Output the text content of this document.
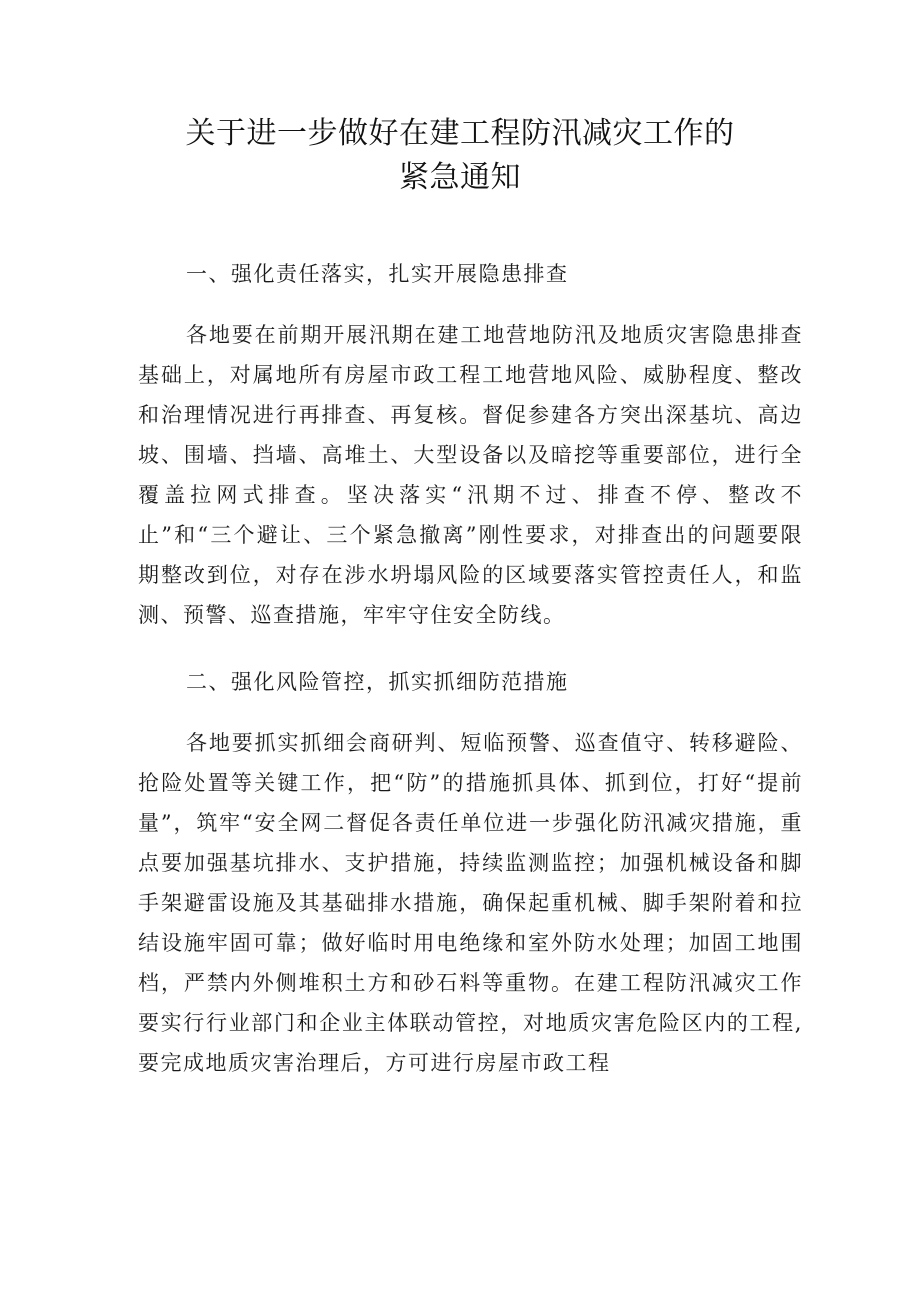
关于进一步做好在建工程防汛减灾工作的
紧急通知

一、强化责任落实，扎实开展隐患排查

各地要在前期开展汛期在建工地营地防汛及地质灾害隐患排查基础上，对属地所有房屋市政工程工地营地风险、威胁程度、整改和治理情况进行再排查、再复核。督促参建各方突出深基坑、高边坡、围墙、挡墙、高堆土、大型设备以及暗挖等重要部位，进行全覆盖拉网式排查。坚决落实“汛期不过、排查不停、整改不止”和“三个避让、三个紧急撤离”刚性要求，对排查出的问题要限期整改到位，对存在涉水坍塌风险的区域要落实管控责任人，和监测、预警、巡查措施，牢牢守住安全防线。

二、强化风险管控，抓实抓细防范措施

各地要抓实抓细会商研判、短临预警、巡查值守、转移避险、抢险处置等关键工作，把“防”的措施抓具体、抓到位，打好“提前量”，筑牢“安全网二督促各责任单位进一步强化防汛减灾措施，重点要加强基坑排水、支护措施，持续监测监控；加强机械设备和脚手架避雷设施及其基础排水措施，确保起重机械、脚手架附着和拉结设施牢固可靠；做好临时用电绝缘和室外防水处理；加固工地围档，严禁内外侧堆积土方和砂石料等重物。在建工程防汛减灾工作要实行行业部门和企业主体联动管控，对地质灾害危险区内的工程,要完成地质灾害治理后，方可进行房屋市政工程
